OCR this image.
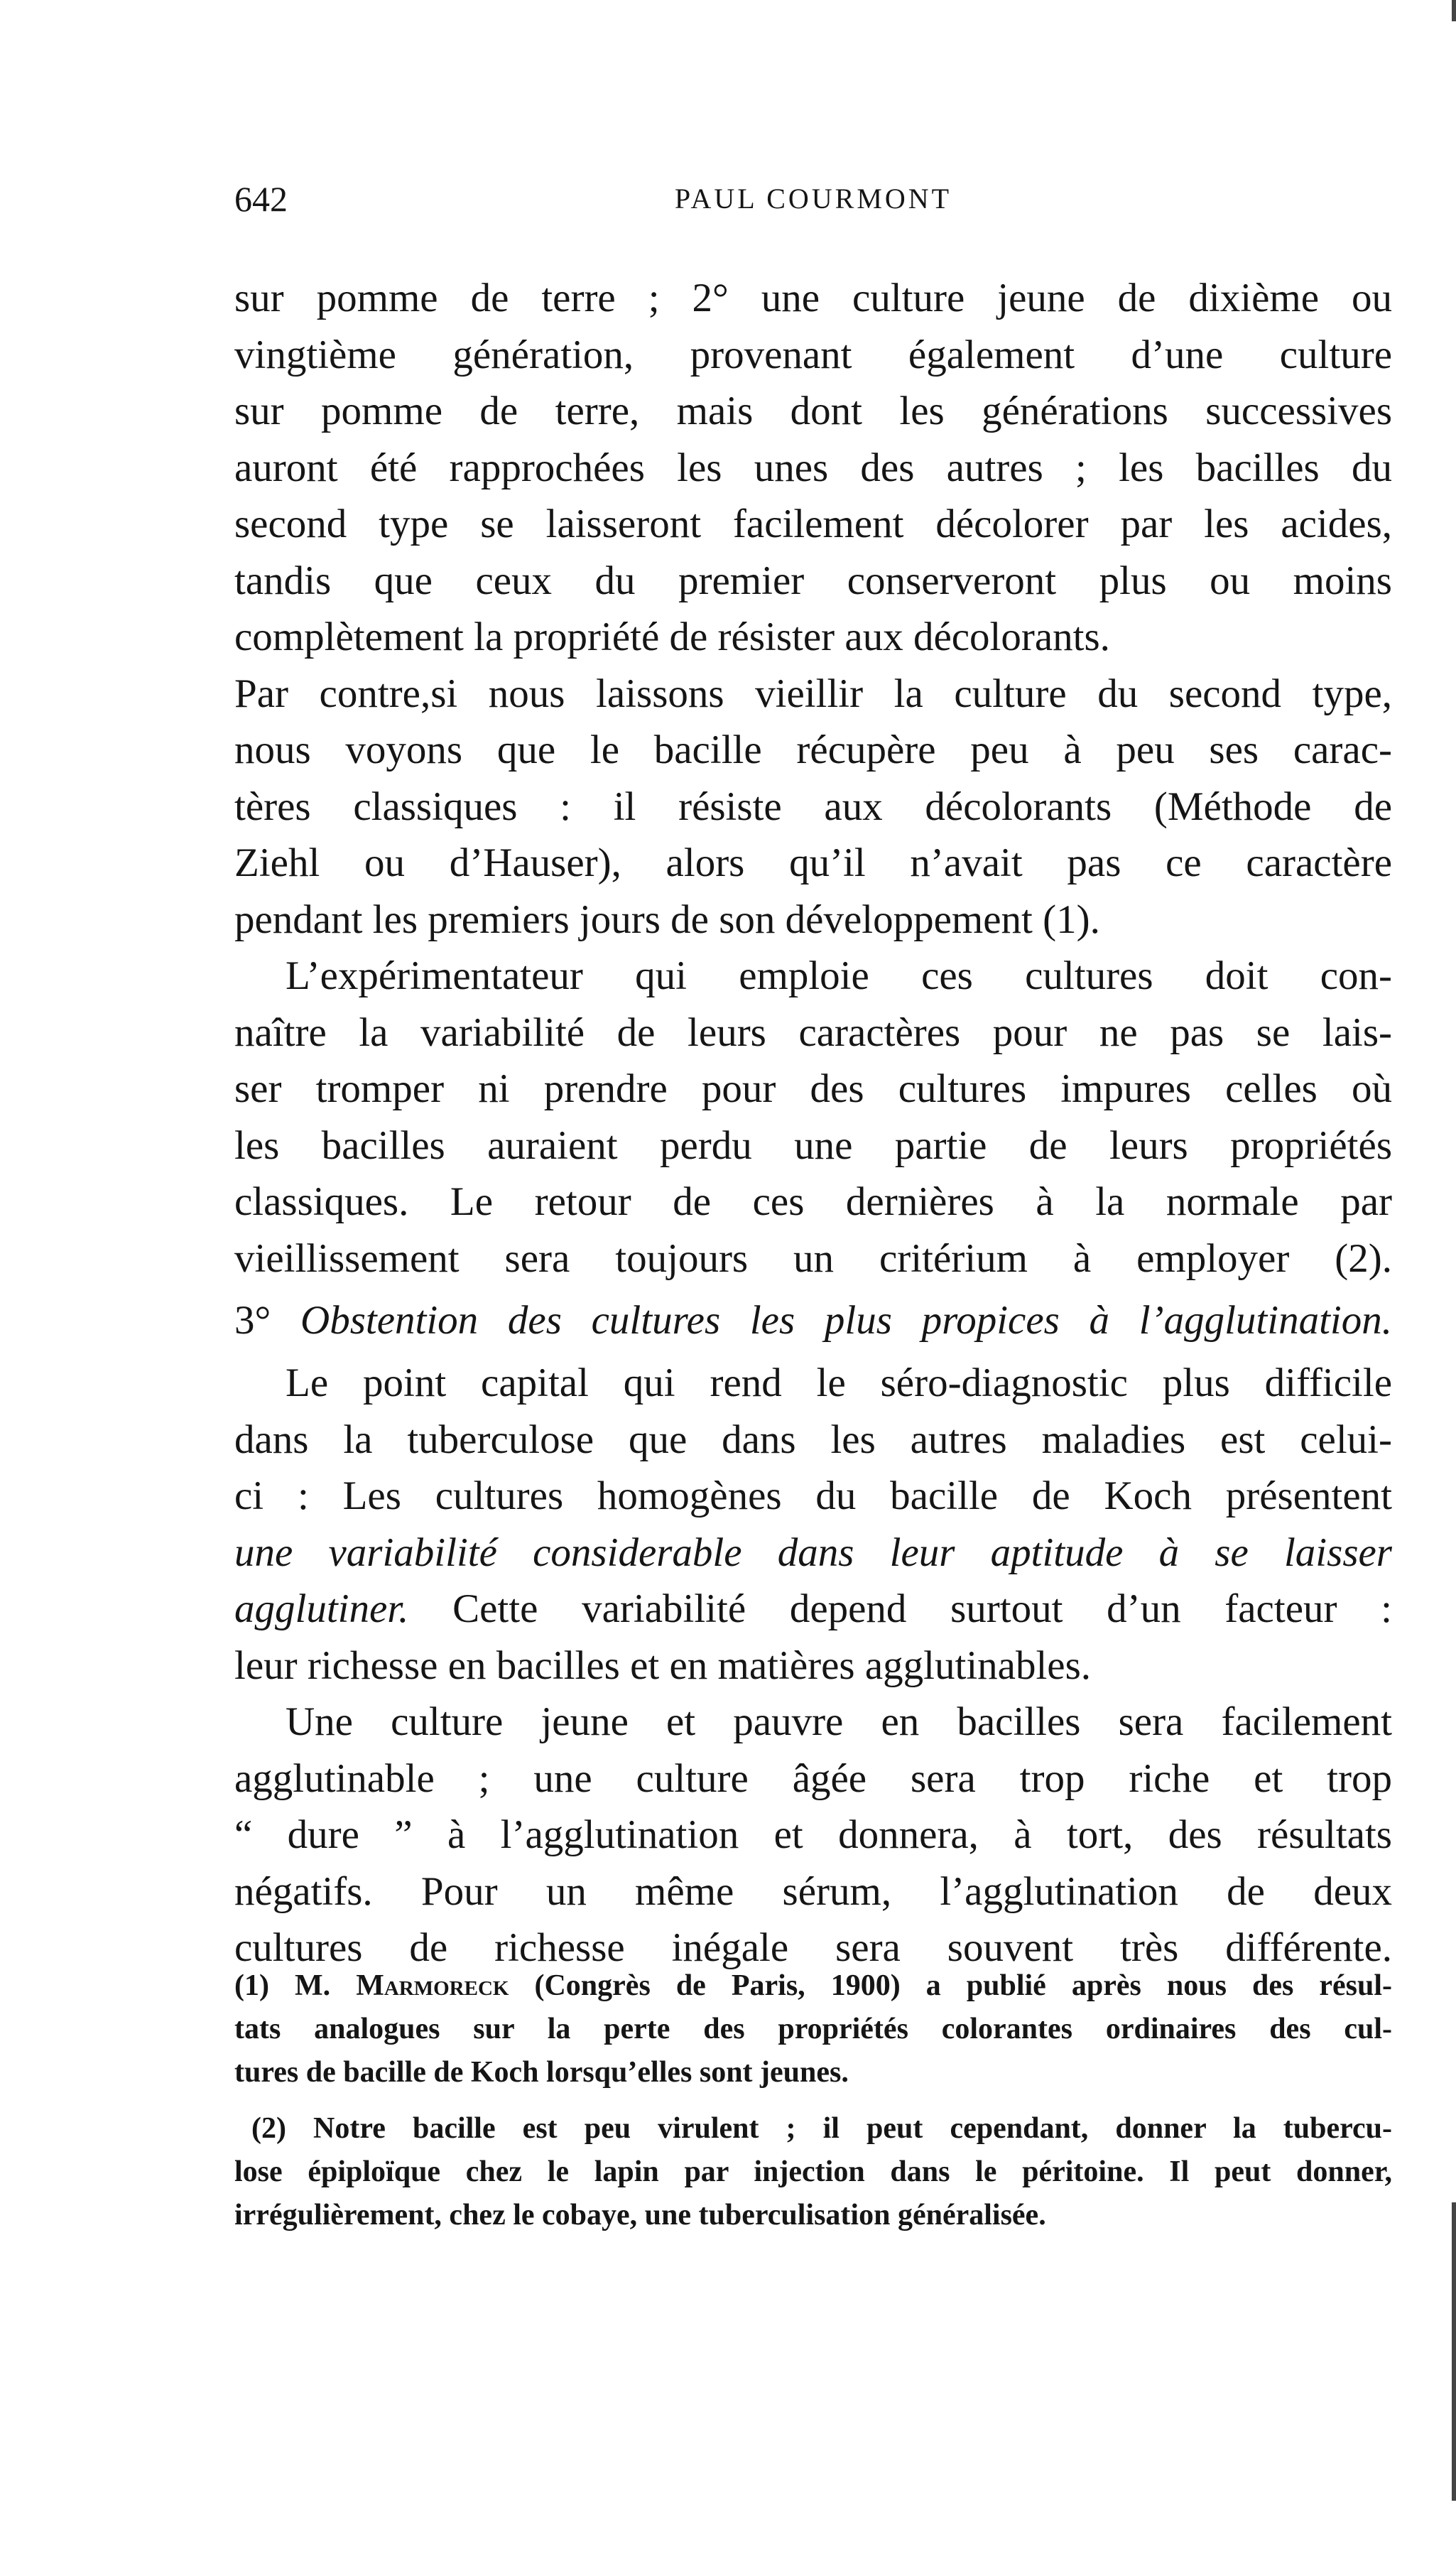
642	PAUL COURMONT
sur pomme de terre ; 2° une culture jeune de dixième ou
vingtième génération, provenant également d’une culture
sur pomme de terre, mais dont les générations successives
auront été rapprochées les unes des autres ; les bacilles du
second type se laisseront facilement décolorer par les acides,
tandis que ceux du premier conserveront plus ou moins
complètement la propriété de résister aux décolorants.
Par contre,si nous laissons vieillir la culture du second type,
nous voyons que le bacille récupère peu à peu ses carac-
tères classiques : il résiste aux décolorants (Méthode de
Ziehl ou d’Hauser), alors qu’il n’avait pas ce caractère
pendant les premiers jours de son développement (1).
L’expérimentateur qui emploie ces cultures doit con-
naître la variabilité de leurs caractères pour ne pas se lais-
ser tromper ni prendre pour des cultures impures celles où
les bacilles auraient perdu une partie de leurs propriétés
classiques. Le retour de ces dernières à la normale par
vieillissement sera toujours un critérium à employer (2).
3° Obstention des cultures les plus propices à l’agglutination.
Le point capital qui rend le séro-diagnostic plus difficile
dans la tuberculose que dans les autres maladies est celui-
ci : Les cultures homogènes du bacille de Koch présentent
une variabilité considerable dans leur aptitude à se laisser
agglutiner. Cette variabilité depend surtout d’un facteur :
leur richesse en bacilles et en matières agglutinables.
Une culture jeune et pauvre en bacilles sera facilement
agglutinable ; une culture âgée sera trop riche et trop
“ dure ” à l’agglutination et donnera, à tort, des résultats
négatifs. Pour un même sérum, l’agglutination de deux
cultures de richesse inégale sera souvent très différente.
(1) M. Marmoreck (Congrès de Paris, 1900) a publié après nous des résul-
tats analogues sur la perte des propriétés colorantes ordinaires des cul-
tures de bacille de Koch lorsqu’elles sont jeunes.
(2) Notre bacille est peu virulent ; il peut cependant, donner la tubercu-
lose épiploïque chez le lapin par injection dans le péritoine. Il peut donner,
irrégulièrement, chez le cobaye, une tuberculisation généralisée.
